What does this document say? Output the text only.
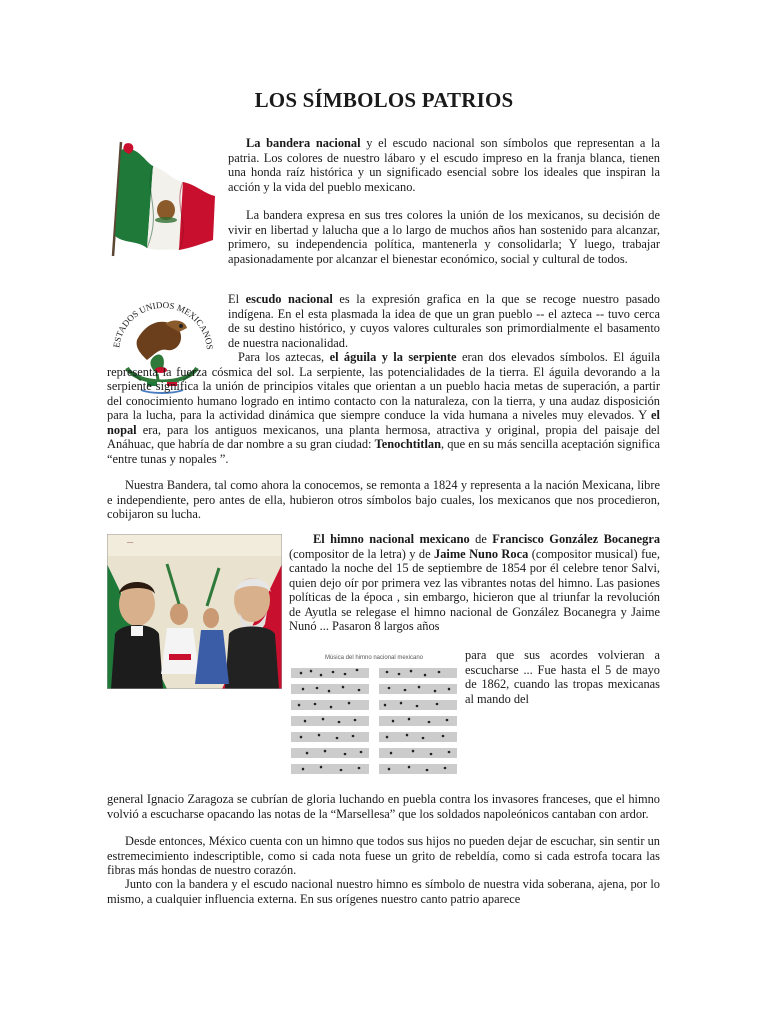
LOS SÍMBOLOS PATRIOS

La bandera nacional y el escudo nacional son símbolos que representan a la patria. Los colores de nuestro lábaro y el escudo impreso en la franja blanca, tienen una honda raíz histórica y un significado esencial sobre los ideales que inspiran la acción y la vida del pueblo mexicano.

La bandera expresa en sus tres colores la unión de los mexicanos, su decisión de vivir en libertad y lalucha que a lo largo de muchos años han sostenido para alcanzar, primero, su independencia política, mantenerla y consolidarla; Y luego, trabajar apasionadamente por alcanzar el bienestar económico, social y cultural de todos.

ESTADOS UNIDOS MEXICANOS

El escudo nacional es la expresión grafica en la que se recoge nuestro pasado indígena. En el esta plasmada la idea de que un gran pueblo -- el azteca -- tuvo cerca de su destino histórico, y cuyos valores culturales son primordialmente el basamento de nuestra nacionalidad.

Para los aztecas, el águila y la serpiente eran dos elevados símbolos. El águila representa la fuerza cósmica del sol. La serpiente, las potencialidades de la tierra. El águila devorando a la serpiente significa la unión de principios vitales que orientan a un pueblo hacia metas de superación, a partir del conocimiento humano logrado en intimo contacto con la naturaleza, con la tierra, y una audaz disposición para la lucha, para la actividad dinámica que siempre conduce la vida humana a niveles muy elevados. Y el nopal era, para los antiguos mexicanos, una planta hermosa, atractiva y original, propia del paisaje del Anáhuac, que habría de dar nombre a su gran ciudad: Tenochtitlan, que en su más sencilla aceptación significa “entre tunas y nopales ”.

Nuestra Bandera, tal como ahora la conocemos, se remonta a 1824 y representa a la nación Mexicana, libre e independiente, pero antes de ella, hubieron otros símbolos bajo cuales, los mexicanos que nos procedieron, cobijaron su lucha.

—	El himno nacional mexicano de Francisco González Bocanegra (compositor de la letra) y de Jaime Nuno Roca (compositor musical) fue, cantado la noche del 15 de septiembre de 1854 por él celebre tenor Salvi, quien dejo oír por primera vez las vibrantes notas del himno. Las pasiones políticas de la época , sin embargo, hicieron que al triunfar la revolución de Ayutla se relegase el himno nacional de González Bocanegra y Jaime Nunó ... Pasaron 8 largos años

Música del himno nacional mexicano	para que sus acordes volvieran a escucharse ... Fue hasta el 5 de mayo de 1862, cuando las tropas mexicanas al mando del

general Ignacio Zaragoza se cubrían de gloria luchando en puebla contra los invasores franceses, que el himno volvió a escucharse opacando las notas de la “Marsellesa” que los soldados napoleónicos cantaban con ardor.

Desde entonces, México cuenta con un himno que todos sus hijos no pueden dejar de escuchar, sin sentir un estremecimiento indescriptible, como si cada nota fuese un grito de rebeldía, como si cada estrofa tocara las fibras más hondas de nuestro corazón.

Junto con la bandera y el escudo nacional nuestro himno es símbolo de nuestra vida soberana, ajena, por lo mismo, a cualquier influencia externa. En sus orígenes nuestro canto patrio aparece
